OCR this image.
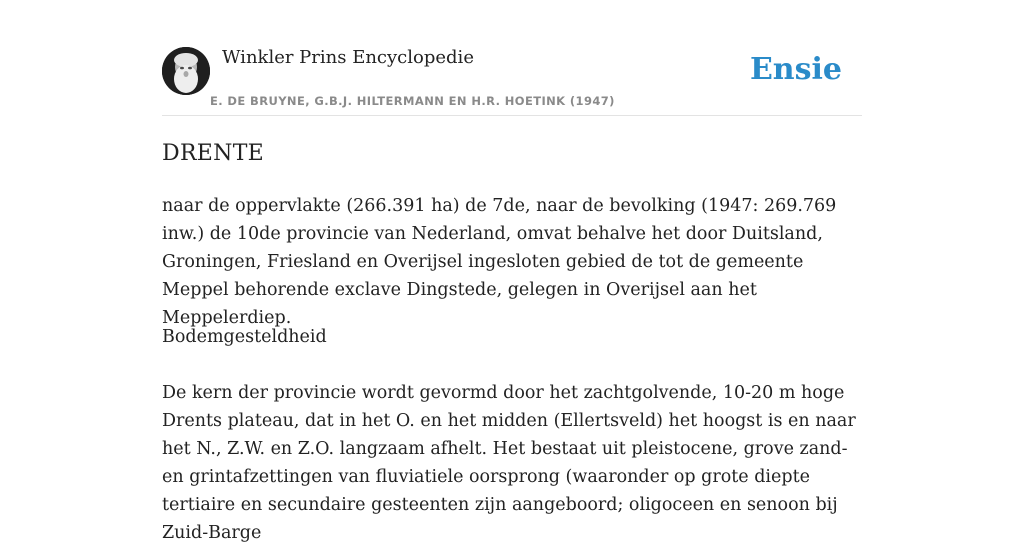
Winkler Prins Encyclopedie
E. DE BRUYNE, G.B.J. HILTERMANN EN H.R. HOETINK (1947)
Ensie
DRENTE

naar de oppervlakte (266.391 ha) de 7de, naar de bevolking (1947: 269.769 inw.) de 10de provincie van Nederland, omvat behalve het door Duitsland, Groningen, Friesland en Overijsel ingesloten gebied de tot de gemeente Meppel behorende exclave Dingstede, gelegen in Overijsel aan het Meppelerdiep.

Bodemgesteldheid

De kern der provincie wordt gevormd door het zachtgolvende, 10-20 m hoge Drents plateau, dat in het O. en het midden (Ellertsveld) het hoogst is en naar het N., Z.W. en Z.O. langzaam afhelt. Het bestaat uit pleistocene, grove zand- en grintafzettingen van fluviatiele oorsprong (waaronder op grote diepte tertiaire en secundaire gesteenten zijn aangeboord; oligoceen en senoon bij Zuid-Barge
